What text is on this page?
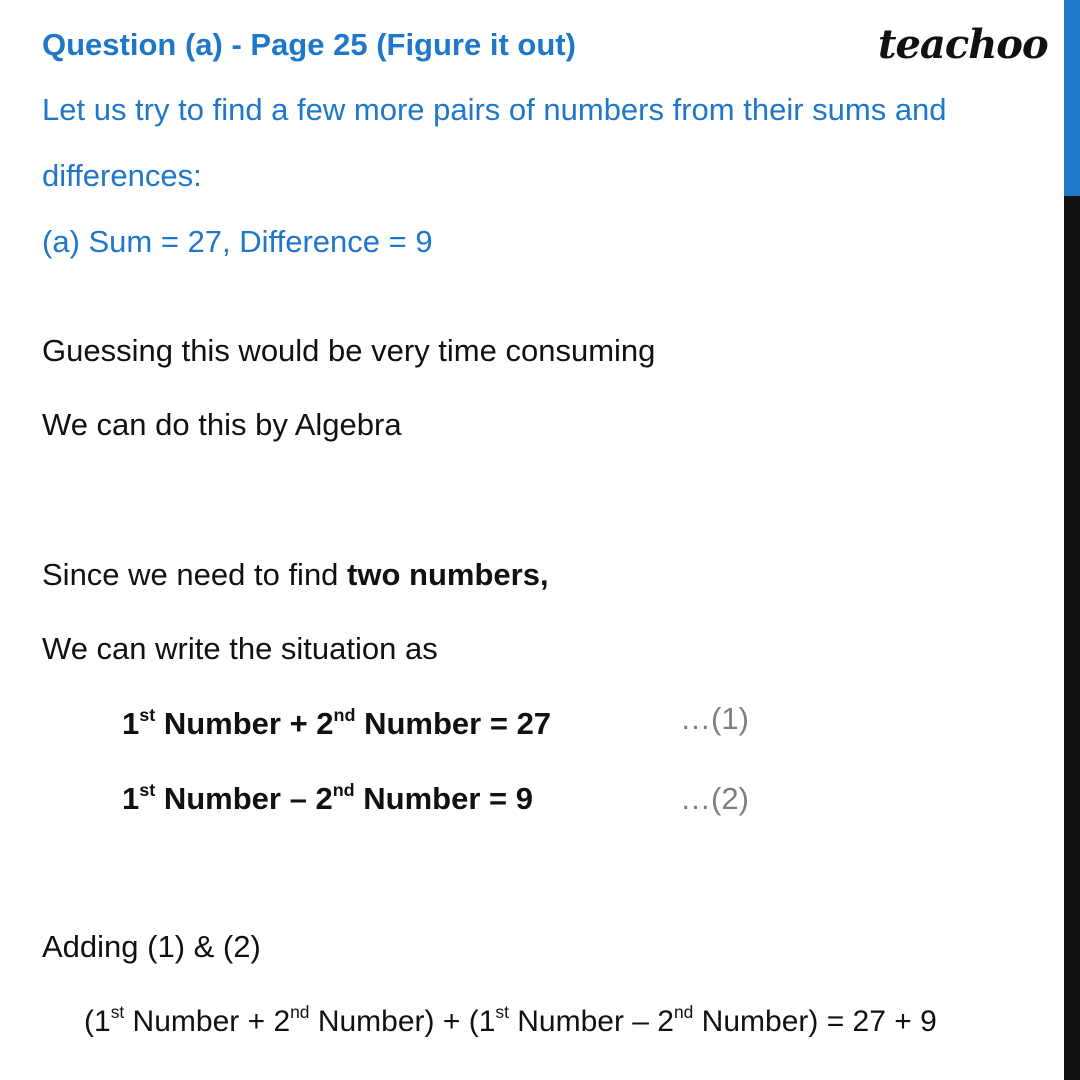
Question (a) - Page 25 (Figure it out)	teachoo
Let us try to find a few more pairs of numbers from their sums and
differences:
(a) Sum = 27, Difference = 9
Guessing this would be very time consuming
We can do this by Algebra
Since we need to find two numbers,
We can write the situation as
1st Number + 2nd Number = 27	…(1)
1st Number – 2nd Number = 9	…(2)
Adding (1) & (2)
(1st Number + 2nd Number) + (1st Number – 2nd Number) = 27 + 9
